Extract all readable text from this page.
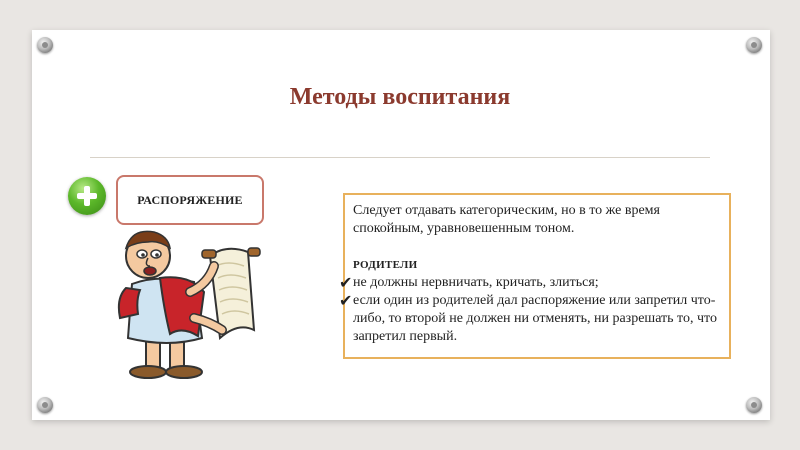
Методы воспитания
РАСПОРЯЖЕНИЕ

Следует отдавать категорическим, но в то же время спокойным, уравновешенным тоном.

РОДИТЕЛИ

✔ не должны нервничать, кричать, злиться;

✔ если один из родителей дал распоряжение или запретил что-либо, то второй не должен ни отменять, ни разрешать то, что запретил первый.
